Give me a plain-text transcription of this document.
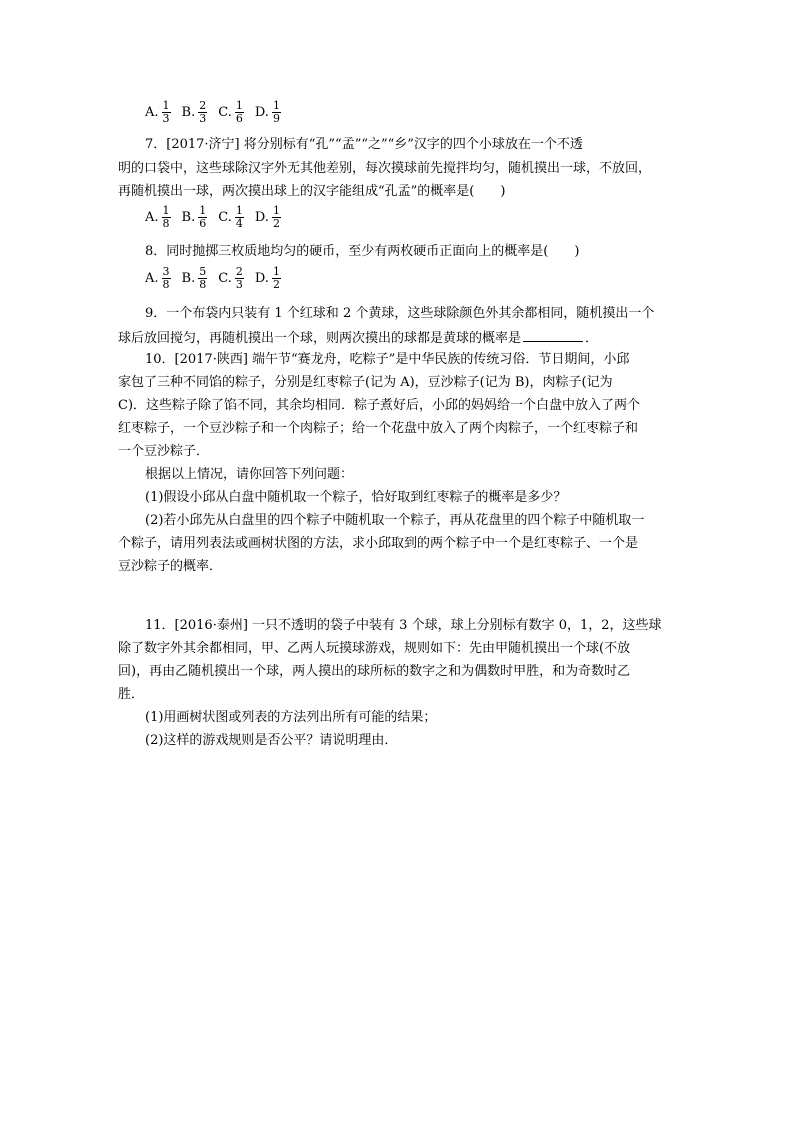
A. $\frac{1}{3} B$. $\frac{2}{3} C$. $\frac{1}{6} D$. $\frac{1}{9}$
7．[2017·济宁] 将分别标有“孔”“孟”“之”“乡”汉字的四个小球放在一个不透
明的口袋中，这些球除汉字外无其他差别，每次摸球前先搅拌均匀，随机摸出一球，不放回，
再随机摸出一球，两次摸出球上的汉字能组成“孔孟”的概率是(　　)
A. $\frac{1}{8} B$. $\frac{1}{6} C$. $\frac{1}{4} D$. $\frac{1}{2}$
8．同时抛掷三枚质地均匀的硬币，至少有两枚硬币正面向上的概率是(　　)
A. $\frac{3}{8} B$. $\frac{5}{8} C$. $\frac{2}{3} D$. $\frac{1}{2}$
9．一个布袋内只装有 1 个红球和 2 个黄球，这些球除颜色外其余都相同，随机摸出一个
球后放回搅匀，再随机摸出一个球，则两次摸出的球都是黄球的概率是	．
10．[2017·陕西] 端午节“赛龙舟，吃粽子”是中华民族的传统习俗．节日期间，小邱
家包了三种不同馅的粽子，分别是红枣粽子(记为 A)，豆沙粽子(记为 B)，肉粽子(记为
C)．这些粽子除了馅不同，其余均相同．粽子煮好后，小邱的妈妈给一个白盘中放入了两个
红枣粽子，一个豆沙粽子和一个肉粽子；给一个花盘中放入了两个肉粽子，一个红枣粽子和
一个豆沙粽子．
根据以上情况，请你回答下列问题：
(1)假设小邱从白盘中随机取一个粽子，恰好取到红枣粽子的概率是多少？
(2)若小邱先从白盘里的四个粽子中随机取一个粽子，再从花盘里的四个粽子中随机取一
个粽子，请用列表法或画树状图的方法，求小邱取到的两个粽子中一个是红枣粽子、一个是
豆沙粽子的概率．
11．[2016·泰州] 一只不透明的袋子中装有 3 个球，球上分别标有数字 0，1，2，这些球
除了数字外其余都相同，甲、乙两人玩摸球游戏，规则如下：先由甲随机摸出一个球(不放
回)，再由乙随机摸出一个球，两人摸出的球所标的数字之和为偶数时甲胜，和为奇数时乙
胜．
(1)用画树状图或列表的方法列出所有可能的结果；
(2)这样的游戏规则是否公平？请说明理由．
